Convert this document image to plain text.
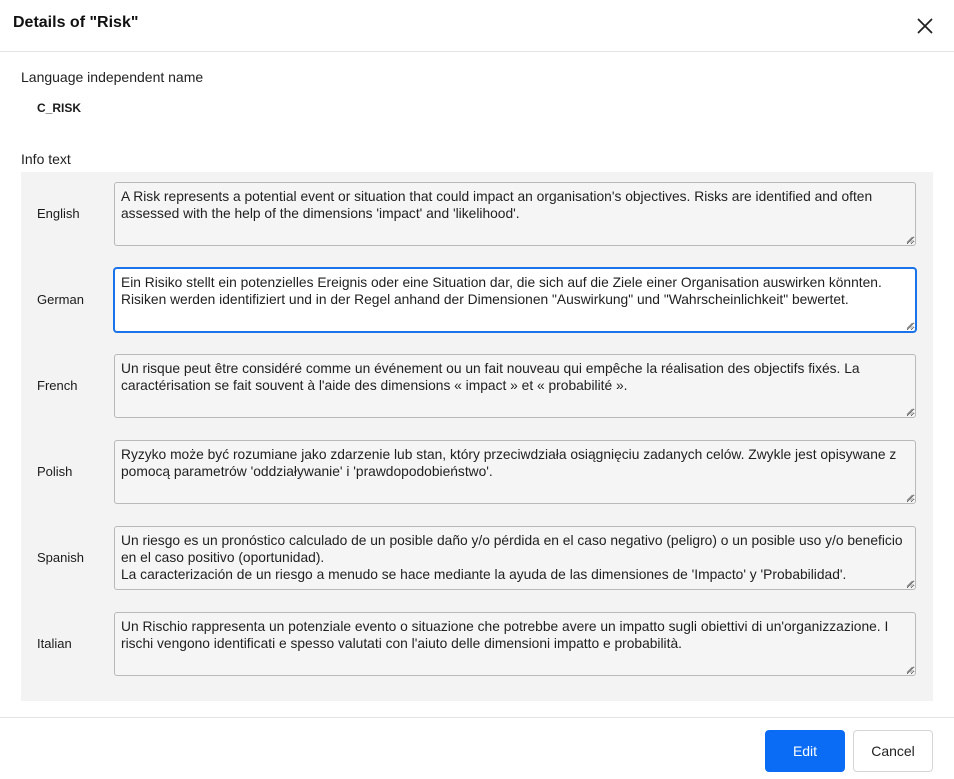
Details of "Risk"
Language independent name
C_RISK
Info text
English
A Risk represents a potential event or situation that could impact an organisation's objectives. Risks are identified and often assessed with the help of the dimensions 'impact' and 'likelihood'.
German
Ein Risiko stellt ein potenzielles Ereignis oder eine Situation dar, die sich auf die Ziele einer Organisation auswirken könnten. Risiken werden identifiziert und in der Regel anhand der Dimensionen "Auswirkung" und "Wahrscheinlichkeit" bewertet.
French
Un risque peut être considéré comme un événement ou un fait nouveau qui empêche la réalisation des objectifs fixés. La caractérisation se fait souvent à l'aide des dimensions « impact » et « probabilité ».
Polish
Ryzyko może być rozumiane jako zdarzenie lub stan, który przeciwdziała osiągnięciu zadanych celów. Zwykle jest opisywane z pomocą parametrów 'oddziaływanie' i 'prawdopodobieństwo'.
Spanish
Un riesgo es un pronóstico calculado de un posible daño y/o pérdida en el caso negativo (peligro) o un posible uso y/o beneficio en el caso positivo (oportunidad).
La caracterización de un riesgo a menudo se hace mediante la ayuda de las dimensiones de 'Impacto' y 'Probabilidad'.
Italian
Un Rischio rappresenta un potenziale evento o situazione che potrebbe avere un impatto sugli obiettivi di un'organizzazione. I rischi vengono identificati e spesso valutati con l'aiuto delle dimensioni impatto e probabilità.
Edit	Cancel
